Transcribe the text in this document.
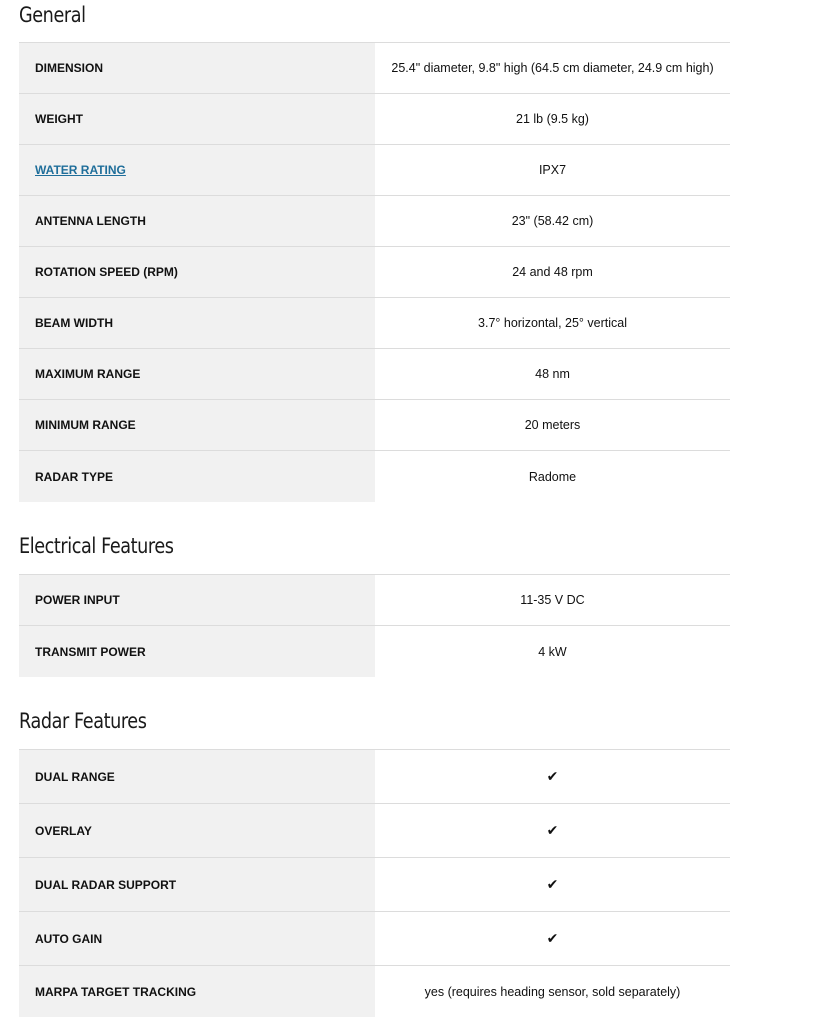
General
DIMENSION	25.4" diameter, 9.8" high (64.5 cm diameter, 24.9 cm high)
WEIGHT	21 lb (9.5 kg)
WATER RATING	IPX7
ANTENNA LENGTH	23" (58.42 cm)
ROTATION SPEED (RPM)	24 and 48 rpm
BEAM WIDTH	3.7° horizontal, 25° vertical
MAXIMUM RANGE	48 nm
MINIMUM RANGE	20 meters
RADAR TYPE	Radome
Electrical Features
POWER INPUT	11-35 V DC
TRANSMIT POWER	4 kW
Radar Features
DUAL RANGE	✔
OVERLAY	✔
DUAL RADAR SUPPORT	✔
AUTO GAIN	✔
MARPA TARGET TRACKING	yes (requires heading sensor, sold separately)
